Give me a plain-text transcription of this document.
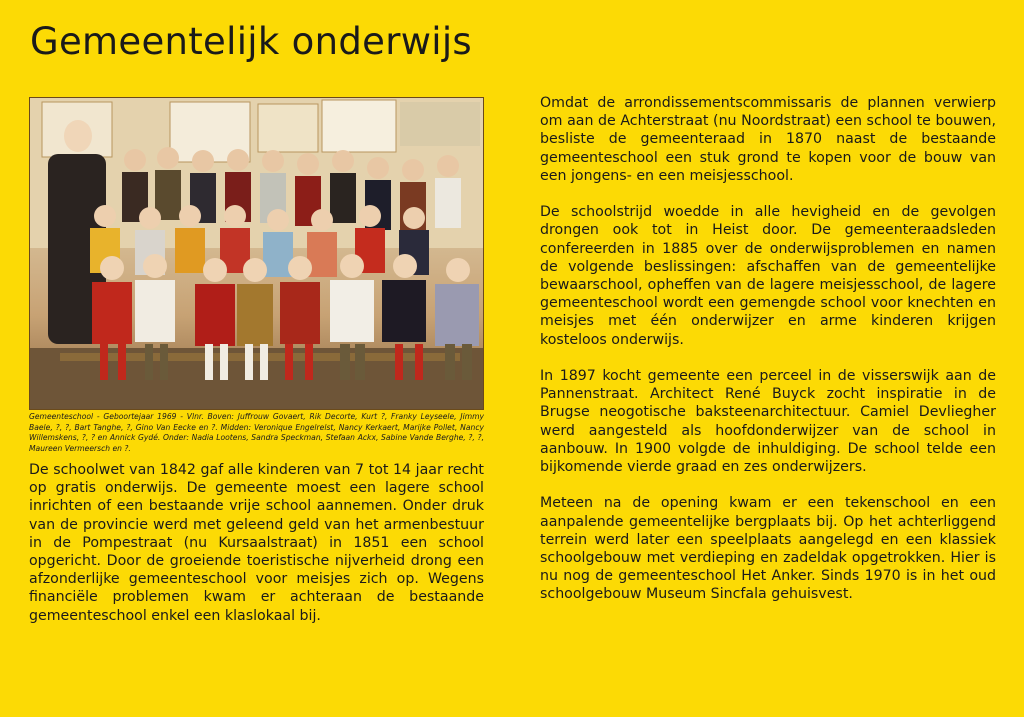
Gemeentelijk onderwijs

Gemeenteschool - Geboortejaar 1969 - Vlnr. Boven: Juffrouw Govaert, Rik Decorte, Kurt ?, Franky Leyseele, Jimmy Baele, ?, ?, Bart Tanghe, ?, Gino Van Eecke en ?. Midden: Veronique Engelrelst, Nancy Kerkaert, Marijke Pollet, Nancy Willemskens, ?, ? en Annick Gydé. Onder: Nadia Lootens, Sandra Speckman, Stefaan Ackx, Sabine Vande Berghe, ?, ?, Maureen Vermeersch en ?.

De schoolwet van 1842 gaf alle kinderen van 7 tot 14 jaar recht op gratis onderwijs. De gemeente moest een lagere school inrichten of een bestaande vrije school aannemen. Onder druk van de provincie werd met geleend geld van het armenbestuur in de Pompestraat (nu Kursaalstraat) in 1851 een school opgericht. Door de groeiende toeristische nijverheid drong een afzonderlijke gemeenteschool voor meisjes zich op. Wegens financiële problemen kwam er achteraan de bestaande gemeenteschool enkel een klaslokaal bij.

Omdat de arrondissementscommissaris de plannen verwierp om aan de Achterstraat (nu Noordstraat) een school te bouwen, besliste de gemeenteraad in 1870 naast de bestaande gemeenteschool een stuk grond te kopen voor de bouw van een jongens- en een meisjesschool.

De schoolstrijd woedde in alle hevigheid en de gevolgen drongen ook tot in Heist door. De gemeenteraadsleden confereerden in 1885 over de onderwijsproblemen en namen de volgende beslissingen: afschaffen van de gemeentelijke bewaarschool, opheffen van de lagere meisjesschool, de lagere gemeenteschool wordt een gemengde school voor knechten en meisjes met één onderwijzer en arme kinderen krijgen kosteloos onderwijs.

In 1897 kocht gemeente een perceel in de visserswijk aan de Pannenstraat. Architect René Buyck zocht inspiratie in de Brugse neogotische baksteenarchitectuur. Camiel Devliegher werd aangesteld als hoofdonderwijzer van de school in aanbouw. In 1900 volgde de inhuldiging. De school telde een bijkomende vierde graad en zes onderwijzers.

Meteen na de opening kwam er een tekenschool en een aanpalende gemeentelijke bergplaats bij. Op het achterliggend terrein werd later een speelplaats aangelegd en een klassiek schoolgebouw met verdieping en zadeldak opgetrokken. Hier is nu nog de gemeenteschool Het Anker. Sinds 1970 is in het oud schoolgebouw Museum Sincfala gehuisvest.
